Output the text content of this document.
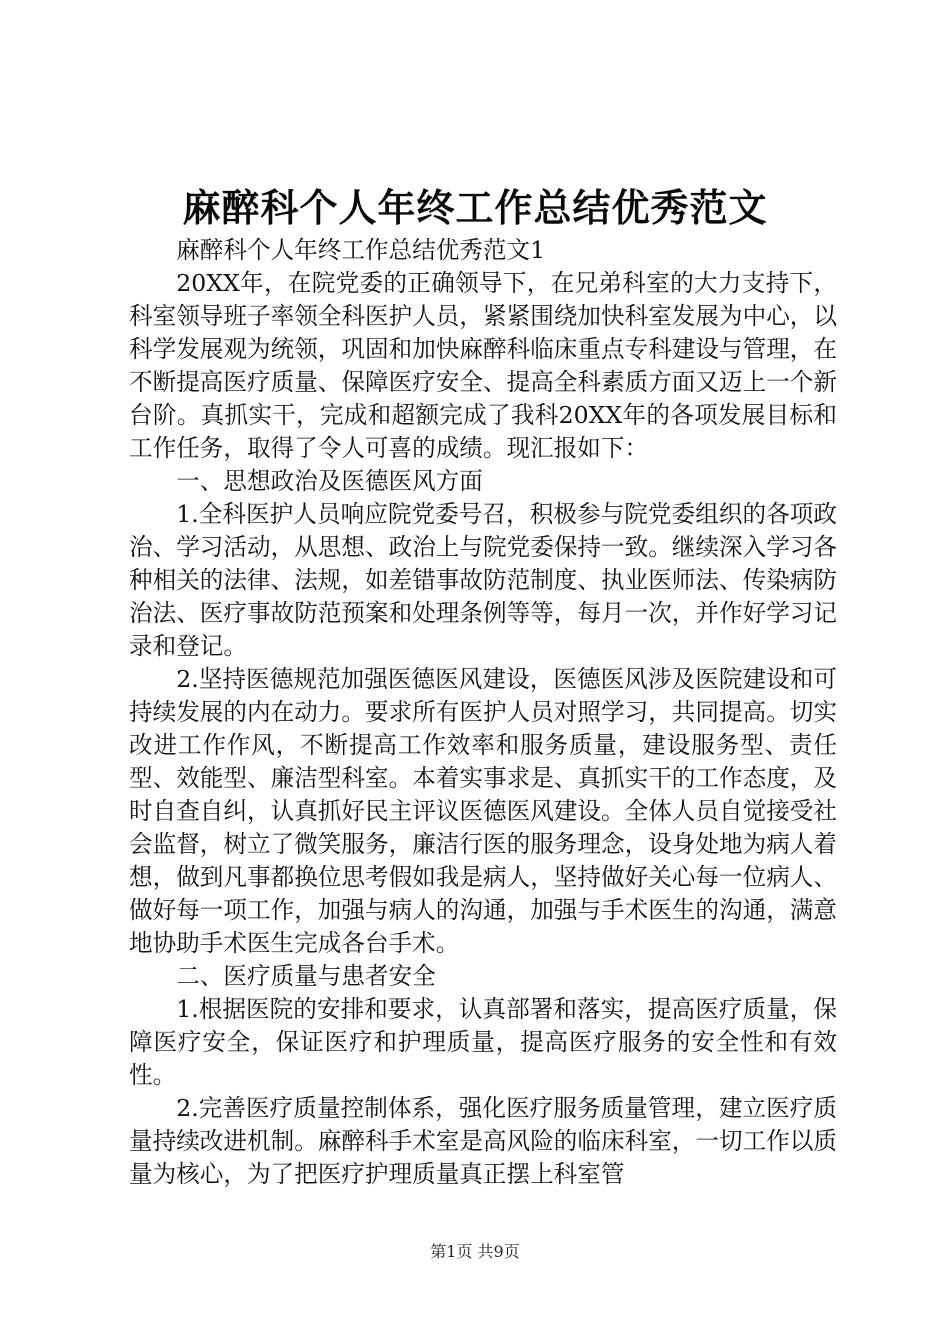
麻醉科个人年终工作总结优秀范文

麻醉科个人年终工作总结优秀范文1

20XX年，在院党委的正确领导下，在兄弟科室的大力支持下，科室领导班子率领全科医护人员，紧紧围绕加快科室发展为中心，以科学发展观为统领，巩固和加快麻醉科临床重点专科建设与管理，在不断提高医疗质量、保障医疗安全、提高全科素质方面又迈上一个新台阶。真抓实干，完成和超额完成了我科20XX年的各项发展目标和工作任务，取得了令人可喜的成绩。现汇报如下：

一、思想政治及医德医风方面

1.全科医护人员响应院党委号召，积极参与院党委组织的各项政治、学习活动，从思想、政治上与院党委保持一致。继续深入学习各种相关的法律、法规，如差错事故防范制度、执业医师法、传染病防治法、医疗事故防范预案和处理条例等等，每月一次，并作好学习记录和登记。

2.坚持医德规范加强医德医风建设，医德医风涉及医院建设和可持续发展的内在动力。要求所有医护人员对照学习，共同提高。切实改进工作作风，不断提高工作效率和服务质量，建设服务型、责任型、效能型、廉洁型科室。本着实事求是、真抓实干的工作态度，及时自查自纠，认真抓好民主评议医德医风建设。全体人员自觉接受社会监督，树立了微笑服务，廉洁行医的服务理念，设身处地为病人着想，做到凡事都换位思考假如我是病人，坚持做好关心每一位病人、做好每一项工作，加强与病人的沟通，加强与手术医生的沟通，满意地协助手术医生完成各台手术。

二、医疗质量与患者安全

1.根据医院的安排和要求，认真部署和落实，提高医疗质量，保障医疗安全，保证医疗和护理质量，提高医疗服务的安全性和有效性。

2.完善医疗质量控制体系，强化医疗服务质量管理，建立医疗质量持续改进机制。麻醉科手术室是高风险的临床科室，一切工作以质量为核心，为了把医疗护理质量真正摆上科室管

第1页 共9页
